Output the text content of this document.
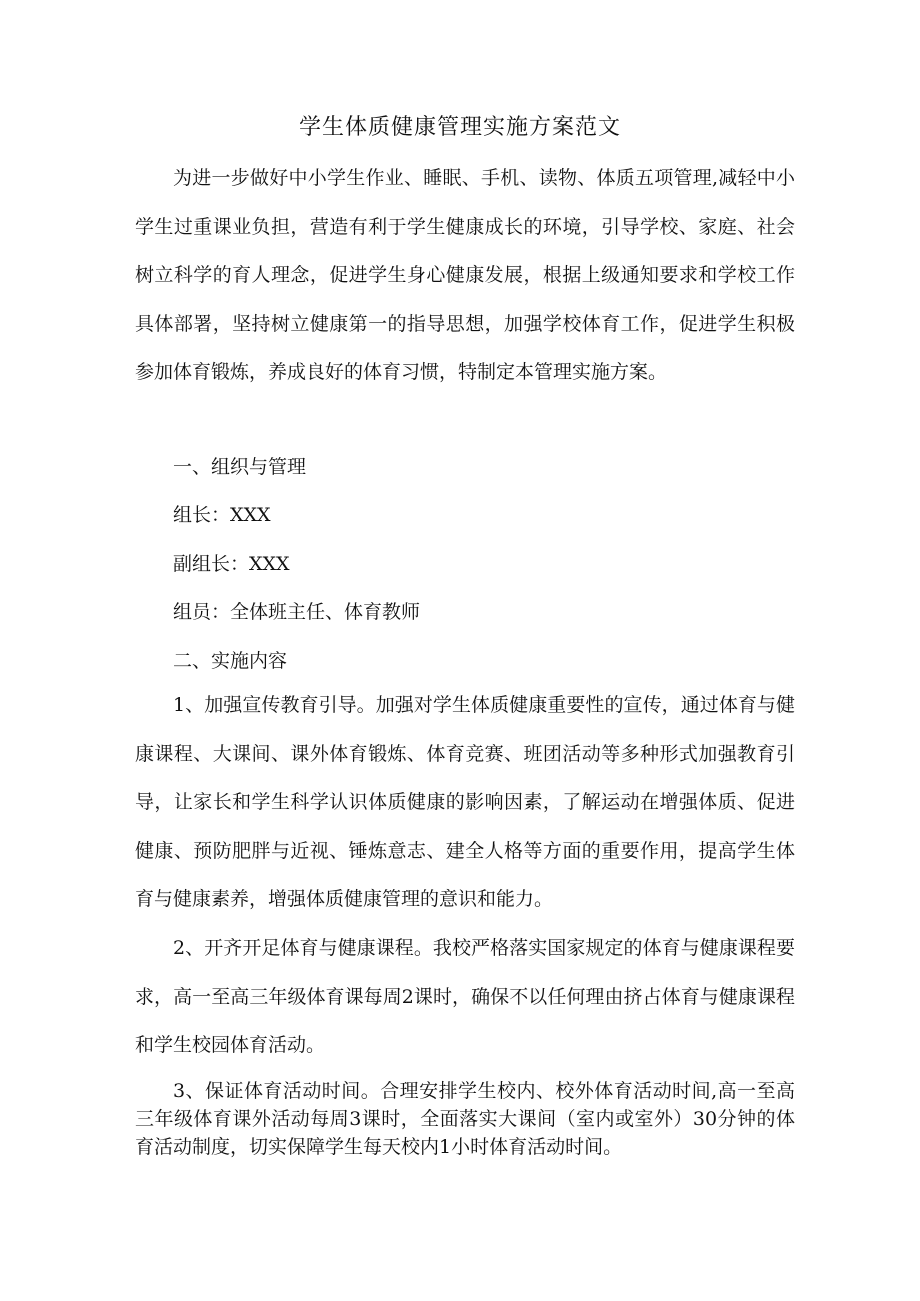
学生体质健康管理实施方案范文

为进一步做好中小学生作业、睡眠、手机、读物、体质五项管理,减轻中小学生过重课业负担，营造有利于学生健康成长的环境，引导学校、家庭、社会树立科学的育人理念，促进学生身心健康发展，根据上级通知要求和学校工作具体部署，坚持树立健康第一的指导思想，加强学校体育工作，促进学生积极参加体育锻炼，养成良好的体育习惯，特制定本管理实施方案。

一、组织与管理
组长：XXX
副组长：XXX
组员：全体班主任、体育教师
二、实施内容

1、加强宣传教育引导。加强对学生体质健康重要性的宣传，通过体育与健康课程、大课间、课外体育锻炼、体育竞赛、班团活动等多种形式加强教育引导，让家长和学生科学认识体质健康的影响因素，了解运动在增强体质、促进健康、预防肥胖与近视、锤炼意志、建全人格等方面的重要作用，提高学生体育与健康素养，增强体质健康管理的意识和能力。

2、开齐开足体育与健康课程。我校严格落实国家规定的体育与健康课程要求，高一至高三年级体育课每周2课时，确保不以任何理由挤占体育与健康课程和学生校园体育活动。

3、保证体育活动时间。合理安排学生校内、校外体育活动时间,高一至高三年级体育课外活动每周3课时，全面落实大课间（室内或室外）30分钟的体育活动制度，切实保障学生每天校内1小时体育活动时间。
